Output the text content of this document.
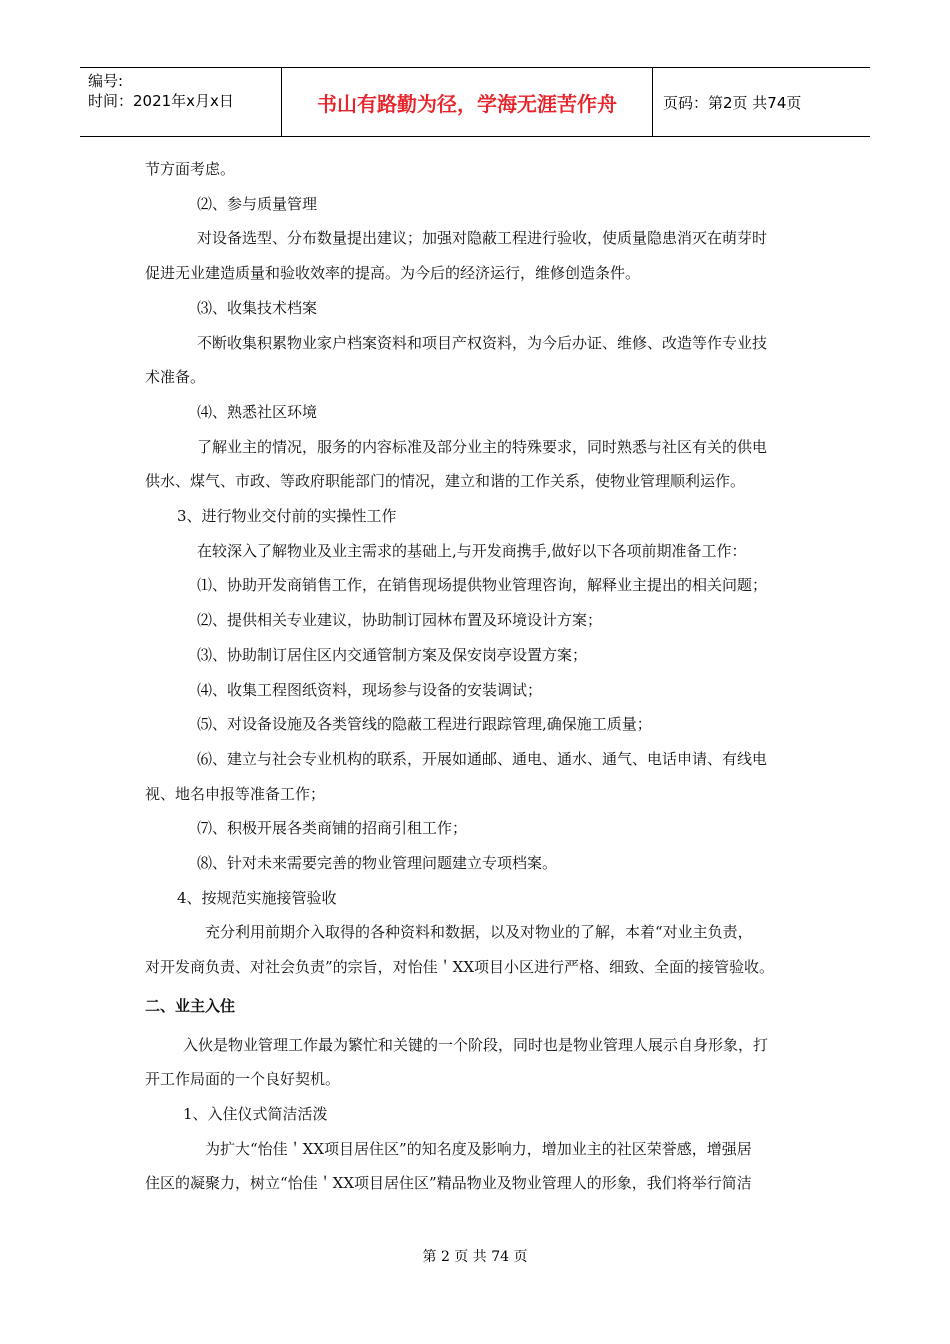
编号:
时间：2021年x月x日	书山有路勤为径，学海无涯苦作舟	页码：第2页 共74页

节方面考虑。

⑵、参与质量管理

对设备选型、分布数量提出建议；加强对隐蔽工程进行验收，使质量隐患消灭在萌芽时

促进无业建造质量和验收效率的提高。为今后的经济运行，维修创造条件。

⑶、收集技术档案

不断收集积累物业家户档案资料和项目产权资料，为今后办证、维修、改造等作专业技

术准备。

⑷、熟悉社区环境

了解业主的情况，服务的内容标准及部分业主的特殊要求，同时熟悉与社区有关的供电

供水、煤气、市政、等政府职能部门的情况，建立和谐的工作关系，使物业管理顺利运作。

3、进行物业交付前的实操性工作

在较深入了解物业及业主需求的基础上,与开发商携手,做好以下各项前期准备工作：

⑴、协助开发商销售工作，在销售现场提供物业管理咨询，解释业主提出的相关问题；

⑵、提供相关专业建议，协助制订园林布置及环境设计方案；

⑶、协助制订居住区内交通管制方案及保安岗亭设置方案；

⑷、收集工程图纸资料，现场参与设备的安装调试；

⑸、对设备设施及各类管线的隐蔽工程进行跟踪管理,确保施工质量；

⑹、建立与社会专业机构的联系，开展如通邮、通电、通水、通气、电话申请、有线电

视、地名申报等准备工作；

⑺、积极开展各类商铺的招商引租工作；

⑻、针对未来需要完善的物业管理问题建立专项档案。

4、按规范实施接管验收

充分利用前期介入取得的各种资料和数据，以及对物业的了解，本着“对业主负责，

对开发商负责、对社会负责”的宗旨，对怡佳＇XX项目小区进行严格、细致、全面的接管验收。

二、业主入住

入伙是物业管理工作最为繁忙和关键的一个阶段，同时也是物业管理人展示自身形象，打

开工作局面的一个良好契机。

1、入住仪式简洁活泼

为扩大“怡佳＇XX项目居住区”的知名度及影响力，增加业主的社区荣誉感，增强居

住区的凝聚力，树立“怡佳＇XX项目居住区”精品物业及物业管理人的形象，我们将举行简洁

第 2 页 共 74 页
